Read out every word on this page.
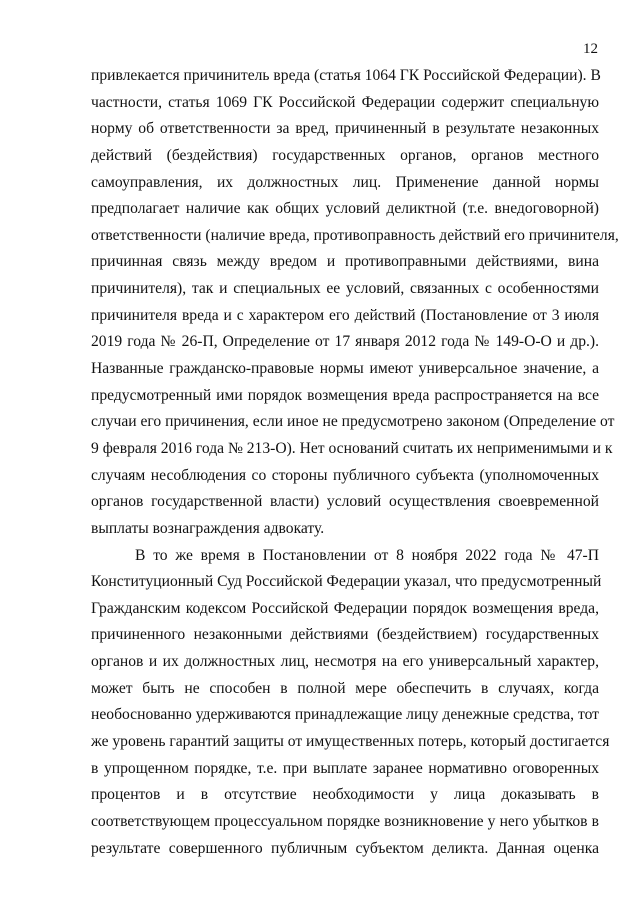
12
привлекается причинитель вреда (статья 1064 ГК Российской Федерации). В
частности, статья 1069 ГК Российской Федерации содержит специальную
норму об ответственности за вред, причиненный в результате незаконных
действий (бездействия) государственных органов, органов местного
самоуправления, их должностных лиц. Применение данной нормы
предполагает наличие как общих условий деликтной (т.е. внедоговорной)
ответственности (наличие вреда, противоправность действий его причинителя,
причинная связь между вредом и противоправными действиями, вина
причинителя), так и специальных ее условий, связанных с особенностями
причинителя вреда и с характером его действий (Постановление от 3 июля
2019 года № 26-П, Определение от 17 января 2012 года № 149-О-О и др.).
Названные гражданско-правовые нормы имеют универсальное значение, а
предусмотренный ими порядок возмещения вреда распространяется на все
случаи его причинения, если иное не предусмотрено законом (Определение от
9 февраля 2016 года № 213-О). Нет оснований считать их неприменимыми и к
случаям несоблюдения со стороны публичного субъекта (уполномоченных
органов государственной власти) условий осуществления своевременной
выплаты вознаграждения адвокату.
В то же время в Постановлении от 8 ноября 2022 года № 47-П
Конституционный Суд Российской Федерации указал, что предусмотренный
Гражданским кодексом Российской Федерации порядок возмещения вреда,
причиненного незаконными действиями (бездействием) государственных
органов и их должностных лиц, несмотря на его универсальный характер,
может быть не способен в полной мере обеспечить в случаях, когда
необоснованно удерживаются принадлежащие лицу денежные средства, тот
же уровень гарантий защиты от имущественных потерь, который достигается
в упрощенном порядке, т.е. при выплате заранее нормативно оговоренных
процентов и в отсутствие необходимости у лица доказывать в
соответствующем процессуальном порядке возникновение у него убытков в
результате совершенного публичным субъектом деликта. Данная оценка
